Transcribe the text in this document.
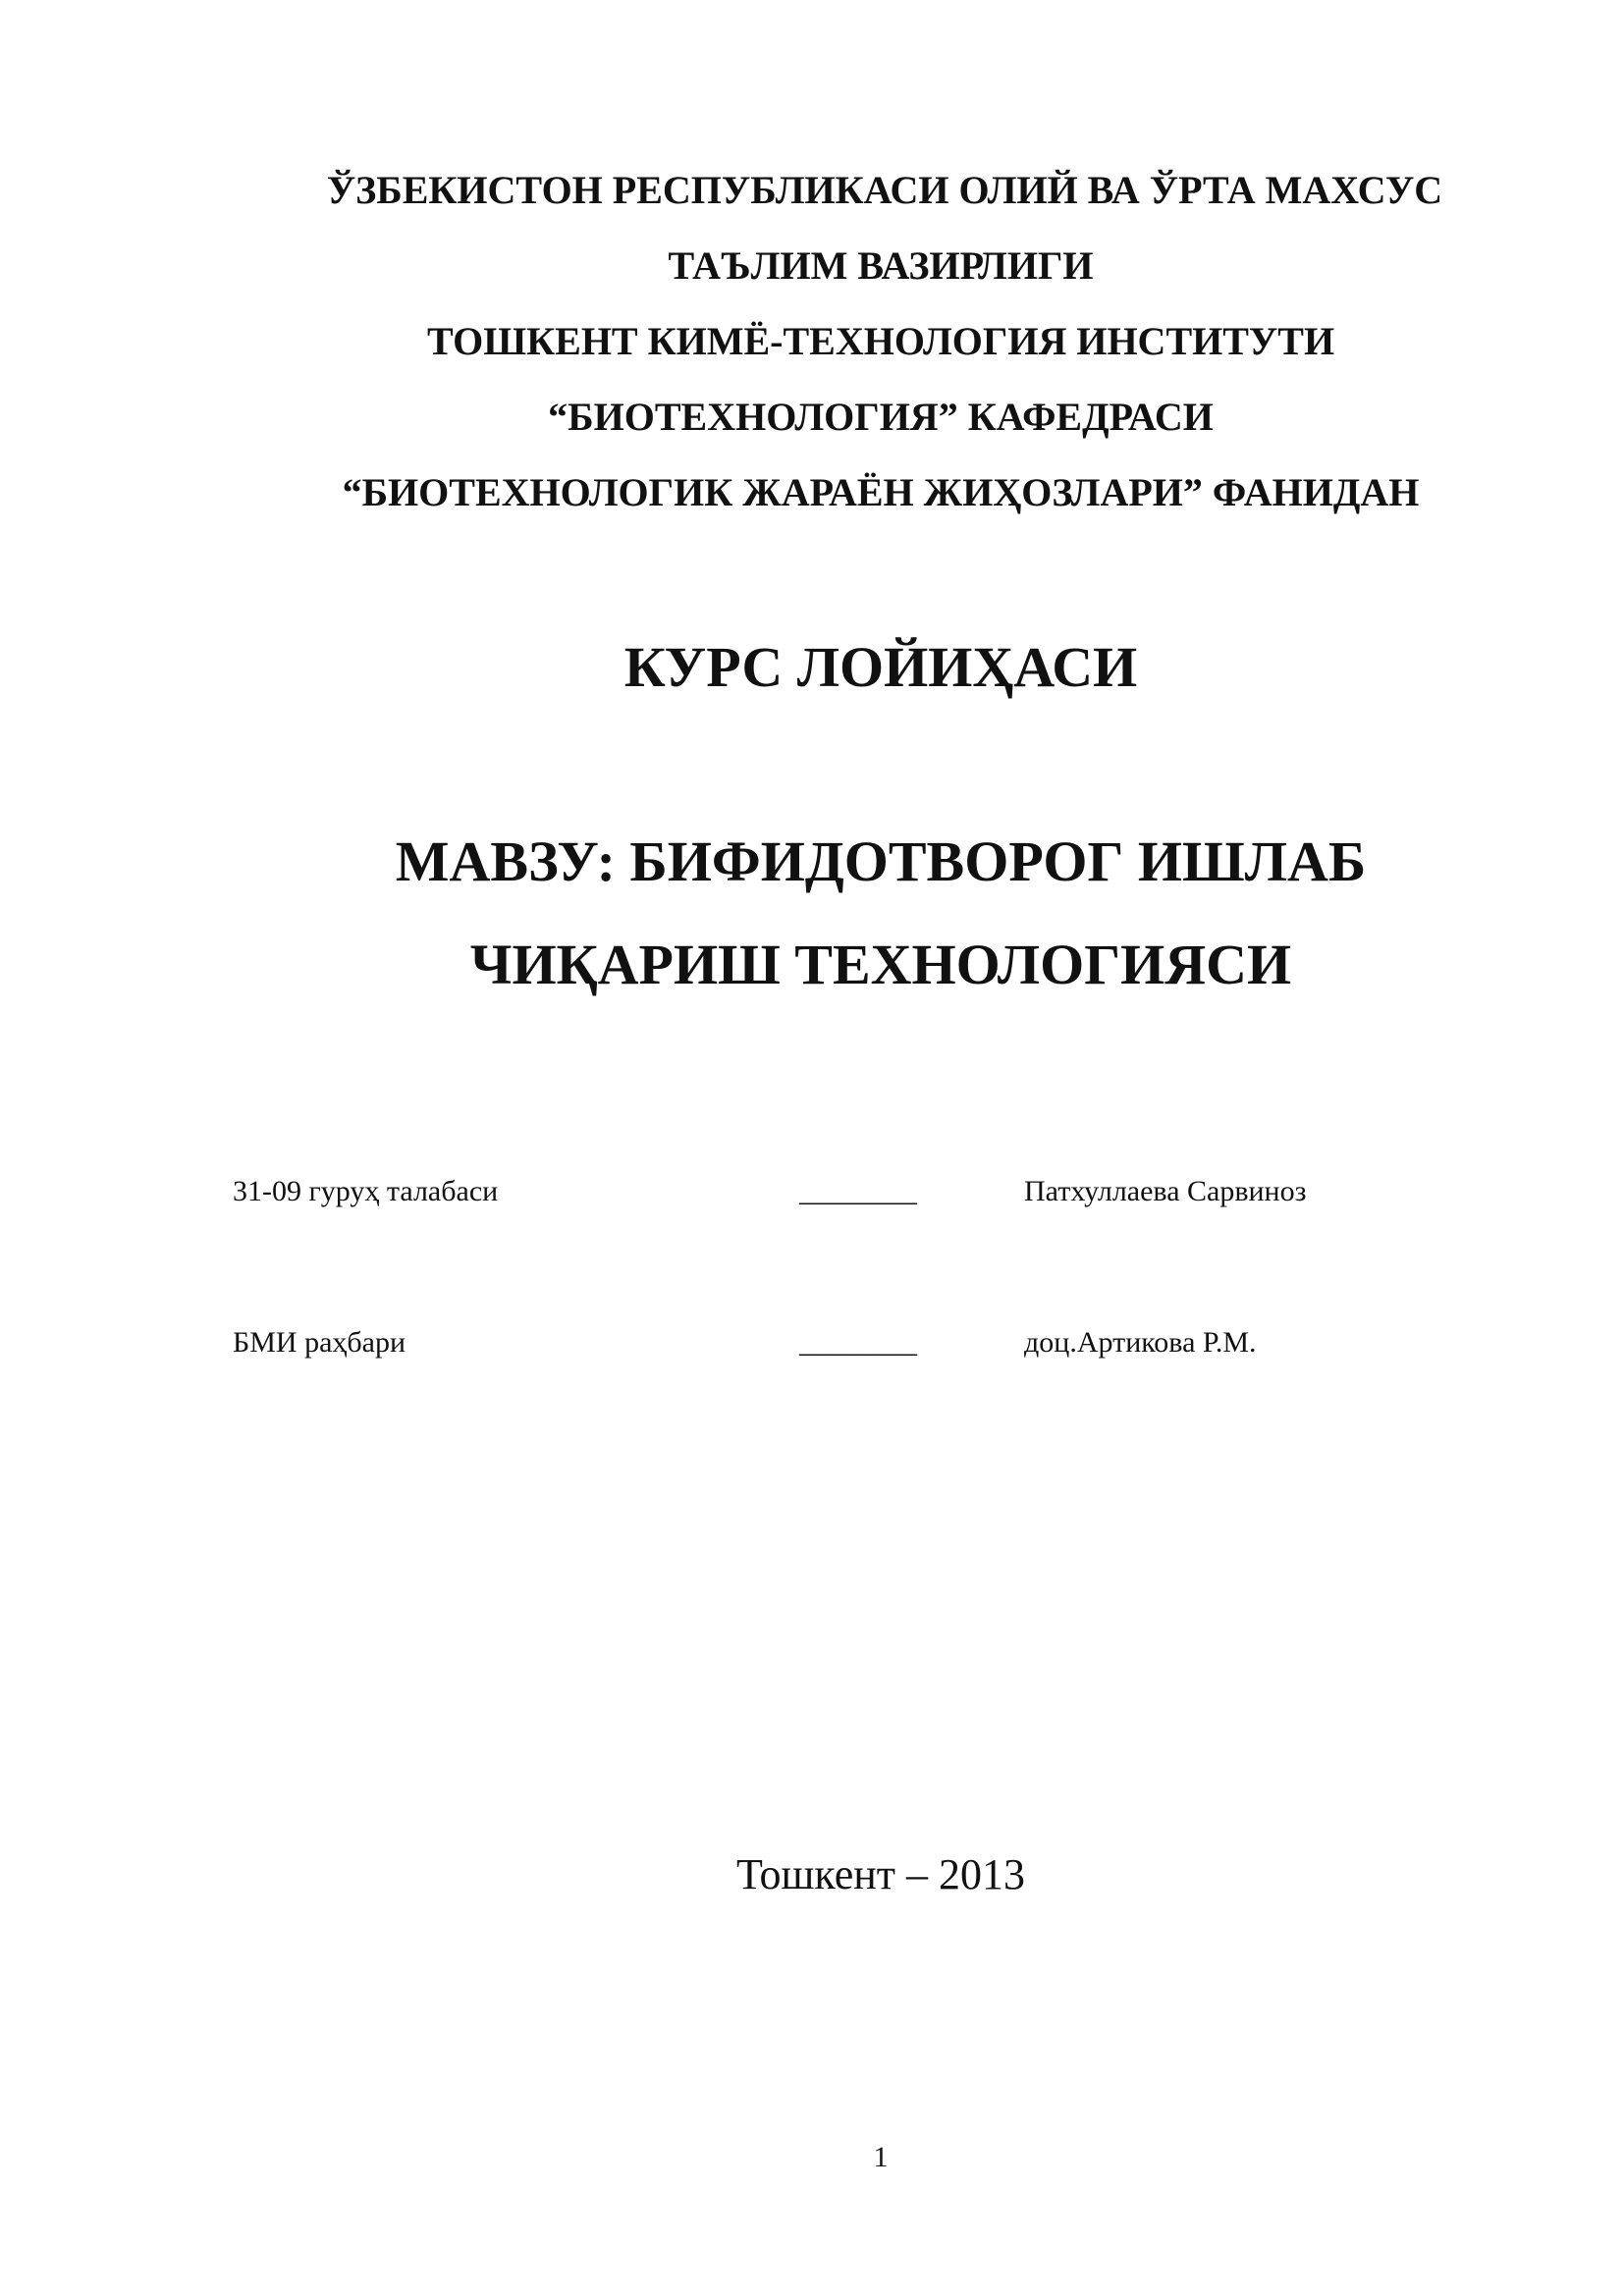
ЎЗБЕКИСТОН РЕСПУБЛИКАСИ ОЛИЙ ВА ЎРТА МАХСУС
ТАЪЛИМ ВАЗИРЛИГИ
ТОШКЕНТ КИМЁ-ТЕХНОЛОГИЯ ИНСТИТУТИ
“БИОТЕХНОЛОГИЯ” КАФЕДРАСИ
“БИОТЕХНОЛОГИК ЖАРАЁН ЖИҲОЗЛАРИ” ФАНИДАН
КУРС ЛОЙИҲАСИ
МАВЗУ: БИФИДОТВОРОГ ИШЛАБ
ЧИҚАРИШ ТЕХНОЛОГИЯСИ
31-09 гуруҳ талабаси	________	Патхуллаева Сарвиноз
БМИ раҳбари	________	доц.Артикова Р.М.
Тошкент – 2013
1
